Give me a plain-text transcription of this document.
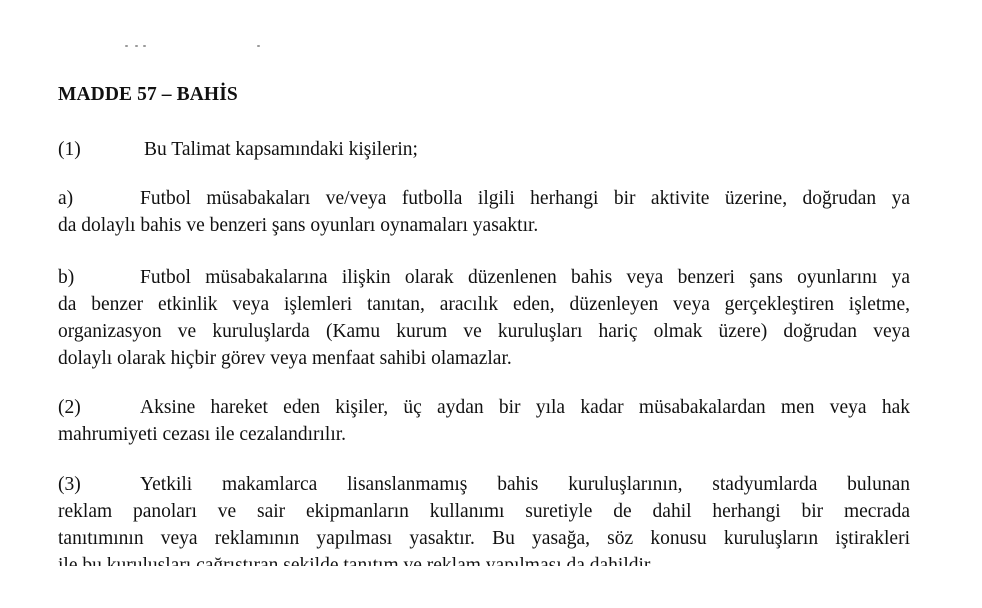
MADDE 57 – BAHİS
(1)	Bu Talimat kapsamındaki kişilerin;
a)	Futbol müsabakaları ve/veya futbolla ilgili herhangi bir aktivite üzerine, doğrudan ya
da dolaylı bahis ve benzeri şans oyunları oynamaları yasaktır.
b)	Futbol müsabakalarına ilişkin olarak düzenlenen bahis veya benzeri şans oyunlarını ya
da benzer etkinlik veya işlemleri tanıtan, aracılık eden, düzenleyen veya gerçekleştiren işletme,
organizasyon ve kuruluşlarda (Kamu kurum ve kuruluşları hariç olmak üzere) doğrudan veya
dolaylı olarak hiçbir görev veya menfaat sahibi olamazlar.
(2)	Aksine hareket eden kişiler, üç aydan bir yıla kadar müsabakalardan men veya hak
mahrumiyeti cezası ile cezalandırılır.
(3)	Yetkili makamlarca lisanslanmamış bahis kuruluşlarının, stadyumlarda bulunan
reklam panoları ve sair ekipmanların kullanımı suretiyle de dahil herhangi bir mecrada
tanıtımının veya reklamının yapılması yasaktır. Bu yasağa, söz konusu kuruluşların iştirakleri
